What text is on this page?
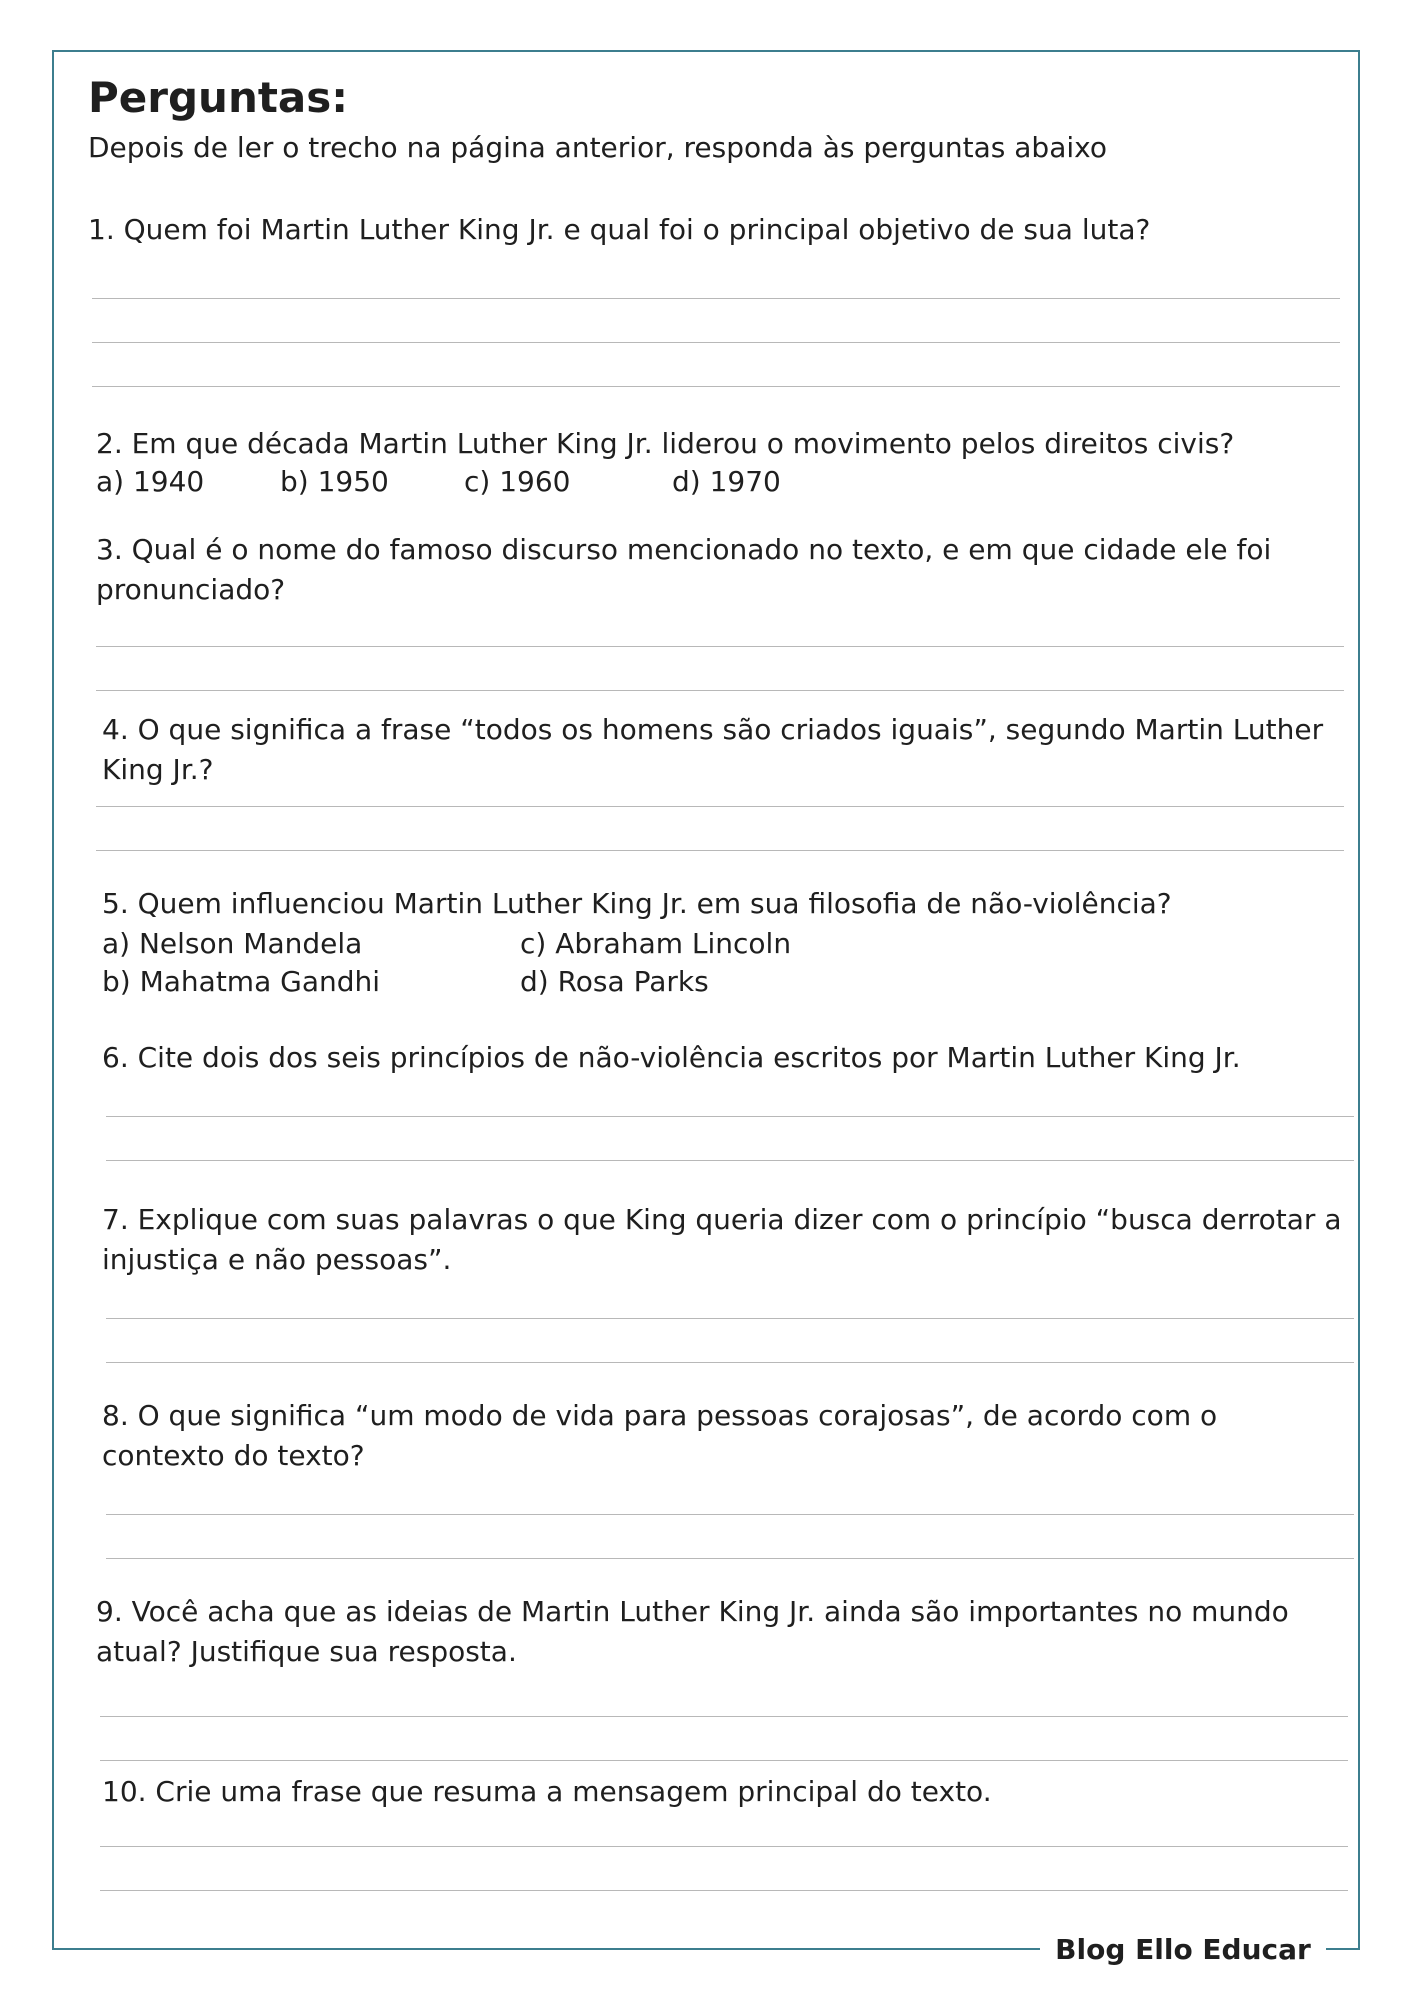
Blog Ello Educar
Perguntas:
Depois de ler o trecho na página anterior, responda às perguntas abaixo
1. Quem foi Martin Luther King Jr. e qual foi o principal objetivo de sua luta?
2. Em que década Martin Luther King Jr. liderou o movimento pelos direitos civis?
a) 1940	b) 1950	c) 1960	d) 1970
3. Qual é o nome do famoso discurso mencionado no texto, e em que cidade ele foi
pronunciado?
4. O que significa a frase “todos os homens são criados iguais”, segundo Martin Luther
King Jr.?
5. Quem influenciou Martin Luther King Jr. em sua filosofia de não-violência?
a) Nelson Mandela	c) Abraham Lincoln
b) Mahatma Gandhi	d) Rosa Parks
6. Cite dois dos seis princípios de não-violência escritos por Martin Luther King Jr.
7. Explique com suas palavras o que King queria dizer com o princípio “busca derrotar a
injustiça e não pessoas”.
8. O que significa “um modo de vida para pessoas corajosas”, de acordo com o
contexto do texto?
9. Você acha que as ideias de Martin Luther King Jr. ainda são importantes no mundo
atual? Justifique sua resposta.
10. Crie uma frase que resuma a mensagem principal do texto.
